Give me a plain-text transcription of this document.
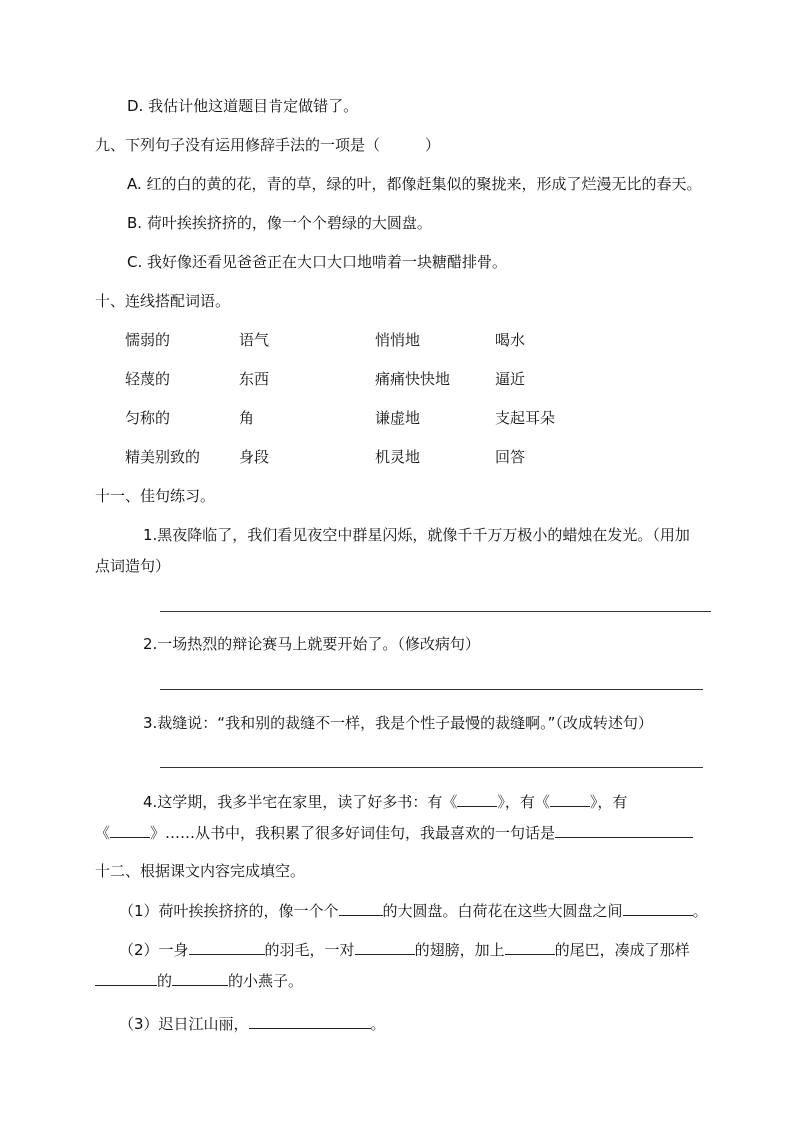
D. 我估计他这道题目肯定做错了。
九、下列句子没有运用修辞手法的一项是（　　　）
A. 红的白的黄的花，青的草，绿的叶，都像赶集似的聚拢来，形成了烂漫无比的春天。
B. 荷叶挨挨挤挤的，像一个个碧绿的大圆盘。
C. 我好像还看见爸爸正在大口大口地啃着一块糖醋排骨。
十、连线搭配词语。
懦弱的	语气	悄悄地	喝水
轻蔑的	东西	痛痛快快地	逼近
匀称的	角	谦虚地	支起耳朵
精美别致的	身段	机灵地	回答
十一、佳句练习。
1.黑夜降临了，我们看见夜空中群星闪烁，就像千千万万极小的蜡烛在发光。（用加
点词造句）
2.一场热烈的辩论赛马上就要开始了。（修改病句）
3.裁缝说：“我和别的裁缝不一样，我是个性子最慢的裁缝啊。”（改成转述句）
4.这学期，我多半宅在家里，读了好多书：有《	》，有《	》，有
《	》……从书中，我积累了很多好词佳句，我最喜欢的一句话是
十二、根据课文内容完成填空。
（1）荷叶挨挨挤挤的，像一个个	的大圆盘。白荷花在这些大圆盘之间	。
（2）一身	的羽毛，一对	的翅膀，加上	的尾巴，凑成了那样
的	的小燕子。
（3）迟日江山丽，	。
